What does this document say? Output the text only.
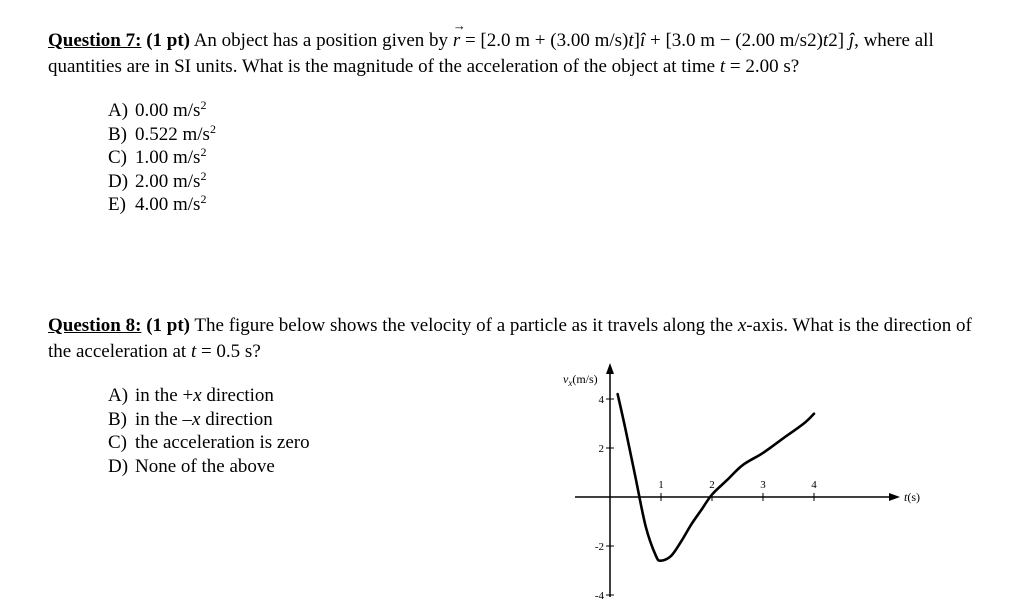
Question 7: (1 pt) An object has a position given by
→
r = [2.0 m + (3.00 m/s)t]î + [3.0 m − (2.00 m/s2)t2] ĵ, where all quantities are in SI units. What is the magnitude of the acceleration of the object at time t = 2.00 s?
A) 0.00 $m/s^2$
B) 0.522 $m/s^2$
C) 1.00 $m/s^2$
D) 2.00 $m/s^2$
E) 4.00 $m/s^2$
Question 8: (1 pt) The figure below shows the velocity of a particle as it travels along the x-axis. What is the direction of the acceleration at t = 0.5 s?
A) in the +x direction
B) in the –x direction
C) the acceleration is zero
D) None of the above
$v_x(m/s)$
t(s)
4
2
-2
-4
1	2	3	4
